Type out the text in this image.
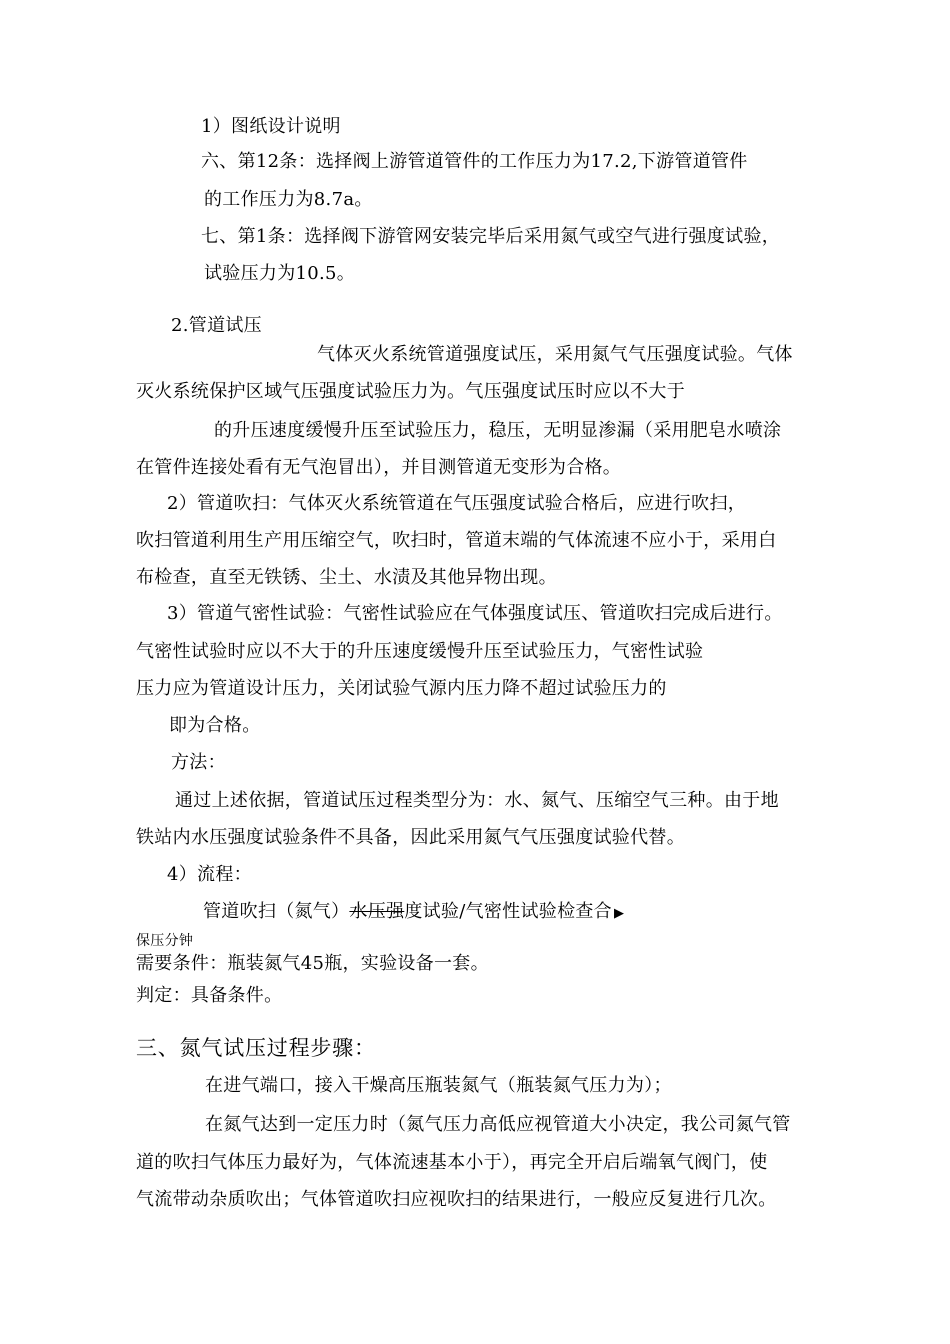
1）图纸设计说明
六、第12条：选择阀上游管道管件的工作压力为17.2,下游管道管件
的工作压力为8.7a。
七、第1条：选择阀下游管网安装完毕后采用氮气或空气进行强度试验，
试验压力为10.5。
2.管道试压
气体灭火系统管道强度试压，采用氮气气压强度试验。气体
灭火系统保护区域气压强度试验压力为。气压强度试压时应以不大于
的升压速度缓慢升压至试验压力，稳压，无明显渗漏（采用肥皂水喷涂
在管件连接处看有无气泡冒出），并目测管道无变形为合格。
2）管道吹扫：气体灭火系统管道在气压强度试验合格后，应进行吹扫，
吹扫管道利用生产用压缩空气，吹扫时，管道末端的气体流速不应小于，采用白
布检查，直至无铁锈、尘土、水渍及其他异物出现。
3）管道气密性试验：气密性试验应在气体强度试压、管道吹扫完成后进行。
气密性试验时应以不大于的升压速度缓慢升压至试验压力，气密性试验
压力应为管道设计压力，关闭试验气源内压力降不超过试验压力的
即为合格。
方法：
通过上述依据，管道试压过程类型分为：水、氮气、压缩空气三种。由于地
铁站内水压强度试验条件不具备，因此采用氮气气压强度试验代替。
4）流程：
管道吹扫（氮气）水压强度试验/气密性试验检查合 ▶
保压分钟
需要条件：瓶装氮气45瓶，实验设备一套。
判定：具备条件。
三、氮气试压过程步骤：
在进气端口，接入干燥高压瓶装氮气（瓶装氮气压力为）；
在氮气达到一定压力时（氮气压力高低应视管道大小决定，我公司氮气管
道的吹扫气体压力最好为，气体流速基本小于），再完全开启后端氧气阀门，使
气流带动杂质吹出；气体管道吹扫应视吹扫的结果进行，一般应反复进行几次。
